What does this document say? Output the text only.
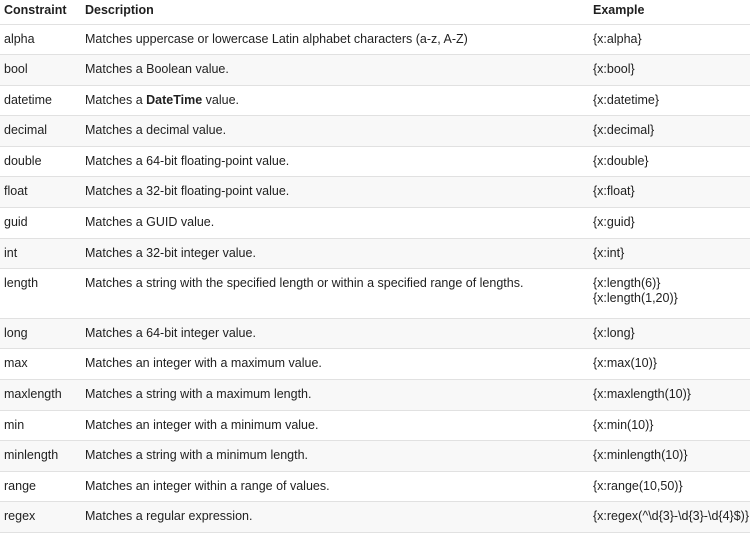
Constraint	Description	Example
alpha	Matches uppercase or lowercase Latin alphabet characters (a-z, A-Z)	{x:alpha}

bool	Matches a Boolean value.	{x:bool}

datetime	Matches a DateTime value.	{x:datetime}

decimal	Matches a decimal value.	{x:decimal}

double	Matches a 64-bit floating-point value.	{x:double}

float	Matches a 32-bit floating-point value.	{x:float}

guid	Matches a GUID value.	{x:guid}

int	Matches a 32-bit integer value.	{x:int}

length	Matches a string with the specified length or within a specified range of lengths.	{x:length(6)}
{x:length(1,20)}

long	Matches a 64-bit integer value.	{x:long}

max	Matches an integer with a maximum value.	{x:max(10)}

maxlength	Matches a string with a maximum length.	{x:maxlength(10)}

min	Matches an integer with a minimum value.	{x:min(10)}

minlength	Matches a string with a minimum length.	{x:minlength(10)}

range	Matches an integer within a range of values.	{x:range(10,50)}

regex	Matches a regular expression.	{x:regex(^\d{3}-\d{3}-\d{4}$)}
